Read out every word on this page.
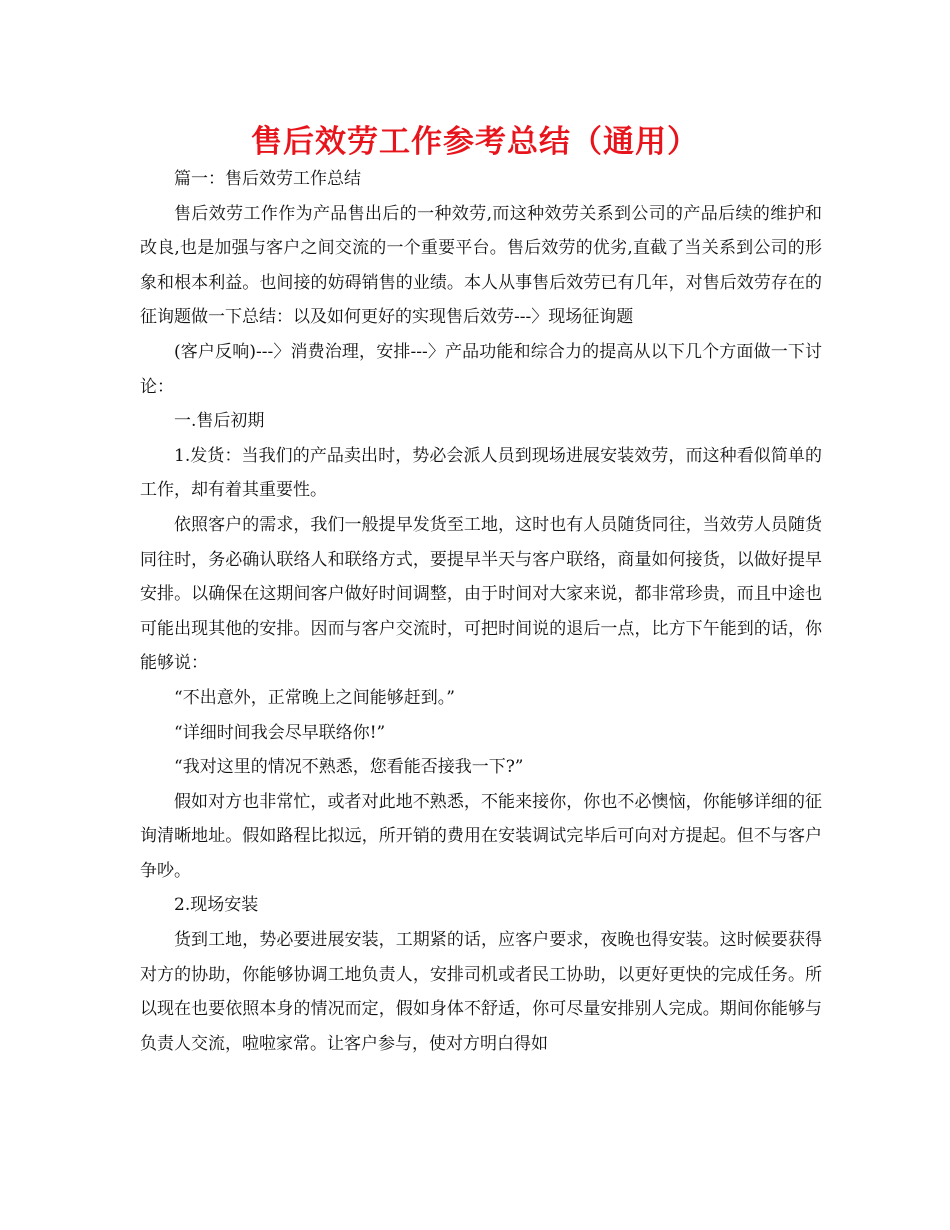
售后效劳工作参考总结（通用）

篇一：售后效劳工作总结

售后效劳工作作为产品售出后的一种效劳,而这种效劳关系到公司的产品后续的维护和改良,也是加强与客户之间交流的一个重要平台。售后效劳的优劣,直截了当关系到公司的形象和根本利益。也间接的妨碍销售的业绩。本人从事售后效劳已有几年，对售后效劳存在的征询题做一下总结：以及如何更好的实现售后效劳---〉现场征询题

(客户反响)---〉消费治理，安排---〉产品功能和综合力的提高从以下几个方面做一下讨论：

一.售后初期

1.发货：当我们的产品卖出时，势必会派人员到现场进展安装效劳，而这种看似简单的工作，却有着其重要性。

依照客户的需求，我们一般提早发货至工地，这时也有人员随货同往，当效劳人员随货同往时，务必确认联络人和联络方式，要提早半天与客户联络，商量如何接货，以做好提早安排。以确保在这期间客户做好时间调整，由于时间对大家来说，都非常珍贵，而且中途也可能出现其他的安排。因而与客户交流时，可把时间说的退后一点，比方下午能到的话，你能够说：

“不出意外，正常晚上之间能够赶到。”

“详细时间我会尽早联络你!”

“我对这里的情况不熟悉，您看能否接我一下?”

假如对方也非常忙，或者对此地不熟悉，不能来接你，你也不必懊恼，你能够详细的征询清晰地址。假如路程比拟远，所开销的费用在安装调试完毕后可向对方提起。但不与客户争吵。

2.现场安装

货到工地，势必要进展安装，工期紧的话，应客户要求，夜晚也得安装。这时候要获得对方的协助，你能够协调工地负责人，安排司机或者民工协助，以更好更快的完成任务。所以现在也要依照本身的情况而定，假如身体不舒适，你可尽量安排别人完成。期间你能够与负责人交流，啦啦家常。让客户参与，使对方明白得如
